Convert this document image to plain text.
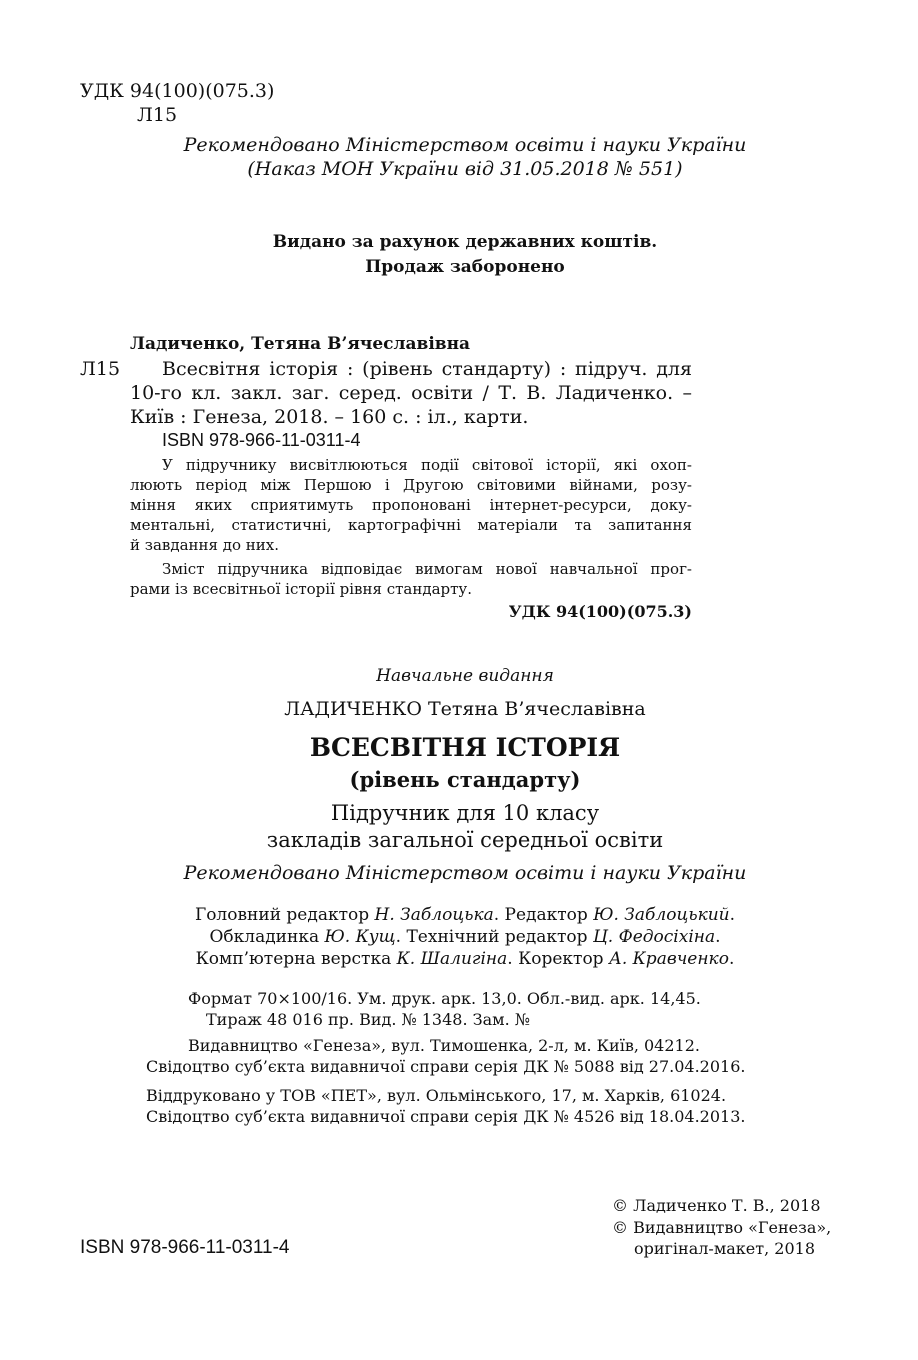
УДК 94(100)(075.3)
Л15
Рекомендовано Міністерством освіти і науки України
(Наказ МОН України від 31.05.2018 № 551)
Видано за рахунок державних коштів.
Продаж заборонено
Ладиченко, Тетяна В’ячеславівна
Л15 Всесвітня історія : (рівень стандарту) : підруч. для
10-го кл. закл. заг. серед. освіти / Т. В. Ладиченко. –
Київ : Генеза, 2018. – 160 с. : іл., карти.
ISBN 978-966-11-0311-4
У підручнику висвітлюються події світової історії, які охоп-
люють період між Першою і Другою світовими війнами, розу-
міння яких сприятимуть пропоновані інтернет-ресурси, доку-
ментальні, статистичні, картографічні матеріали та запитання
й завдання до них.
Зміст підручника відповідає вимогам нової навчальної прог-
рами із всесвітньої історії рівня стандарту.
УДК 94(100)(075.3)
Навчальне видання
ЛАДИЧЕНКО Тетяна В’ячеславівна
ВСЕСВІТНЯ ІСТОРІЯ
(рівень стандарту)
Підручник для 10 класу
закладів загальної середньої освіти
Рекомендовано Міністерством освіти і науки України
Головний редактор Н. Заблоцька. Редактор Ю. Заблоцький.
Обкладинка Ю. Кущ. Технічний редактор Ц. Федосіхіна.
Комп’ютерна верстка К. Шалигіна. Коректор А. Кравченко.
Формат 70×100/16. Ум. друк. арк. 13,0. Обл.-вид. арк. 14,45.
Тираж 48 016 пр. Вид. № 1348. Зам. №
Видавництво «Генеза», вул. Тимошенка, 2-л, м. Київ, 04212.
Свідоцтво суб’єкта видавничої справи серія ДК № 5088 від 27.04.2016.
Віддруковано у ТОВ «ПЕТ», вул. Ольмінського, 17, м. Харків, 61024.
Свідоцтво суб’єкта видавничої справи серія ДК № 4526 від 18.04.2013.
© Ладиченко Т. В., 2018
© Видавництво «Генеза»,
оригінал-макет, 2018
ISBN 978-966-11-0311-4
